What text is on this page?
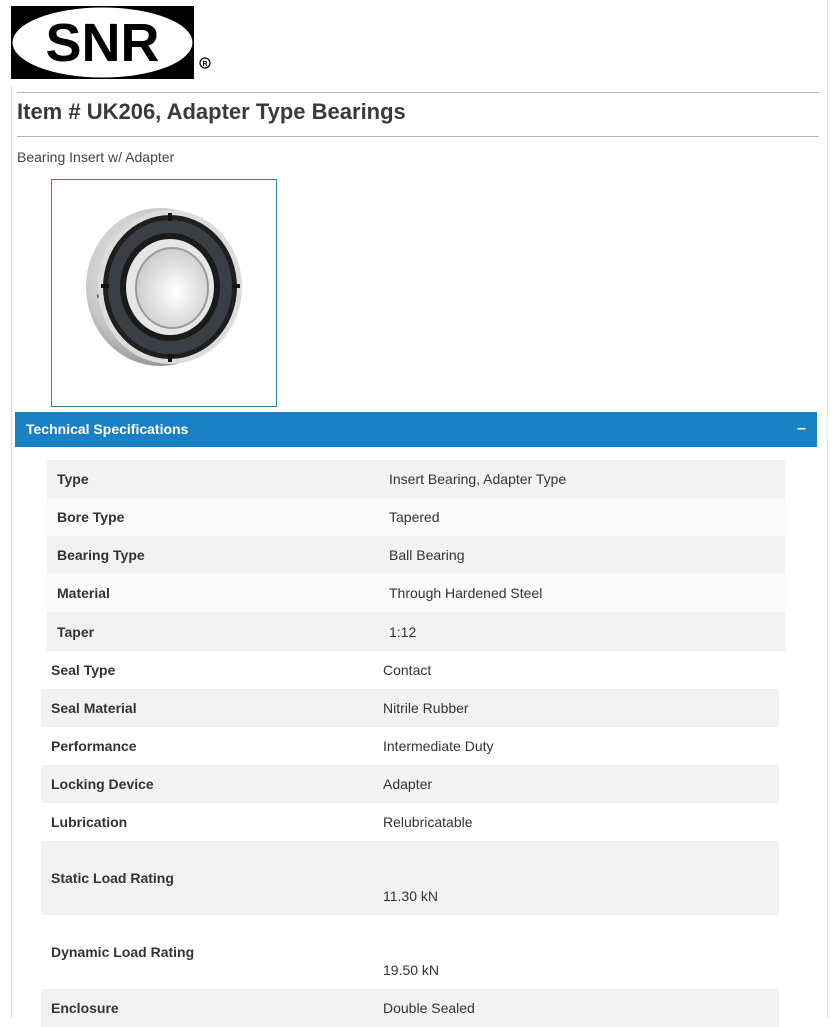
SNR	R
Item # UK206, Adapter Type Bearings
Bearing Insert w/ Adapter
Technical Specifications	–
Type	Insert Bearing, Adapter Type
Bore Type	Tapered
Bearing Type	Ball Bearing
Material	Through Hardened Steel
Taper	1:12
Seal Type	Contact
Seal Material	Nitrile Rubber
Performance	Intermediate Duty
Locking Device	Adapter
Lubrication	Relubricatable
Static Load Rating	11.30 kN
Dynamic Load Rating	19.50 kN
Enclosure	Double Sealed
